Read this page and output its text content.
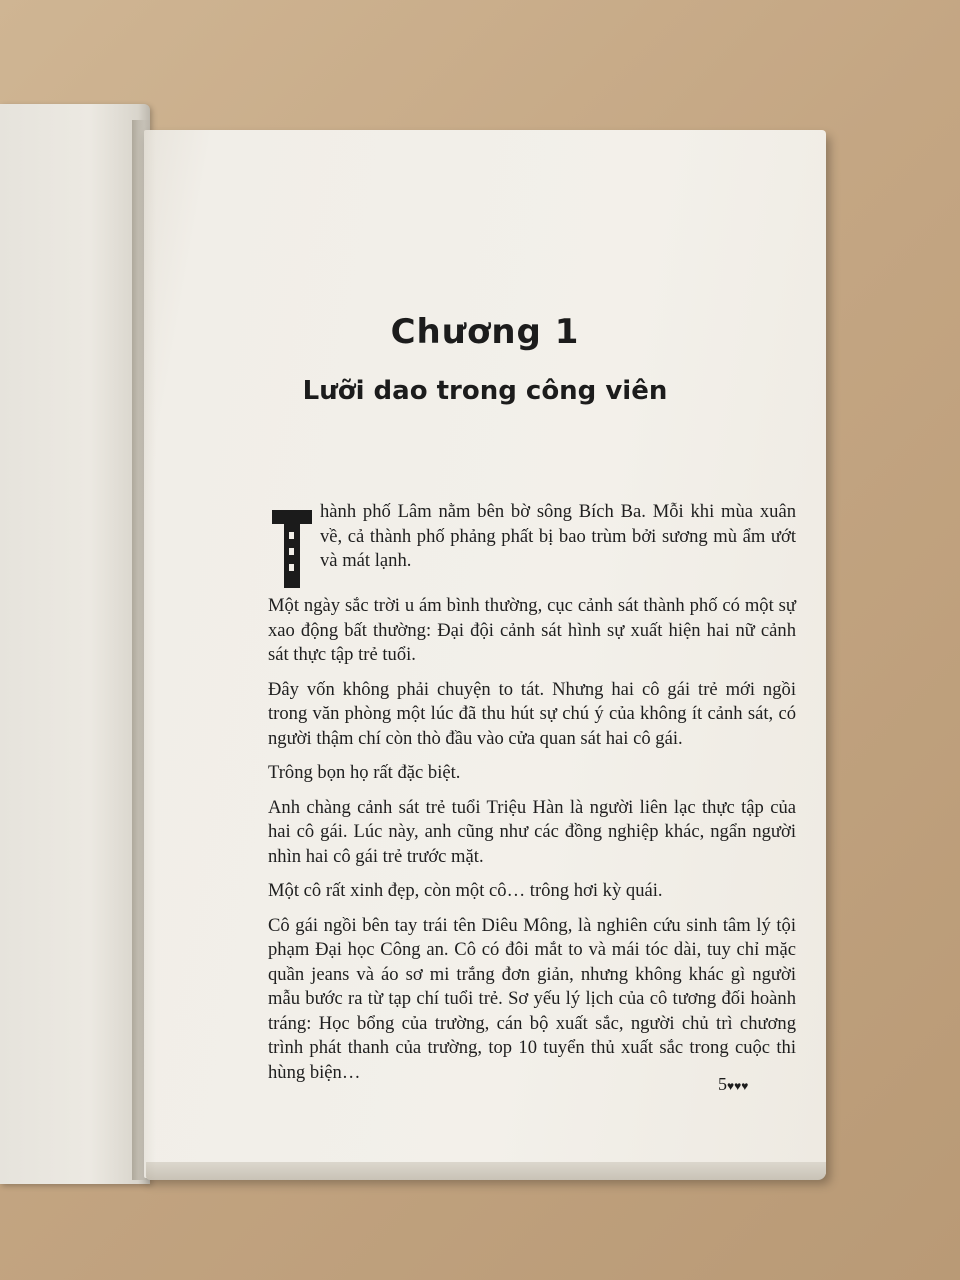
Chương 1
Lưỡi dao trong công viên
hành phố Lâm nằm bên bờ sông Bích Ba. Mỗi khi mùa xuân về, cả thành phố phảng phất bị bao trùm bởi sương mù ẩm ướt và mát lạnh.

Một ngày sắc trời u ám bình thường, cục cảnh sát thành phố có một sự xao động bất thường: Đại đội cảnh sát hình sự xuất hiện hai nữ cảnh sát thực tập trẻ tuổi.

Đây vốn không phải chuyện to tát. Nhưng hai cô gái trẻ mới ngồi trong văn phòng một lúc đã thu hút sự chú ý của không ít cảnh sát, có người thậm chí còn thò đầu vào cửa quan sát hai cô gái.

Trông bọn họ rất đặc biệt.

Anh chàng cảnh sát trẻ tuổi Triệu Hàn là người liên lạc thực tập của hai cô gái. Lúc này, anh cũng như các đồng nghiệp khác, ngẩn người nhìn hai cô gái trẻ trước mặt.

Một cô rất xinh đẹp, còn một cô… trông hơi kỳ quái.

Cô gái ngồi bên tay trái tên Diêu Mông, là nghiên cứu sinh tâm lý tội phạm Đại học Công an. Cô có đôi mắt to và mái tóc dài, tuy chỉ mặc quần jeans và áo sơ mi trắng đơn giản, nhưng không khác gì người mẫu bước ra từ tạp chí tuổi trẻ. Sơ yếu lý lịch của cô tương đối hoành tráng: Học bổng của trường, cán bộ xuất sắc, người chủ trì chương trình phát thanh của trường, top 10 tuyển thủ xuất sắc trong cuộc thi hùng biện…

5♥♥♥
